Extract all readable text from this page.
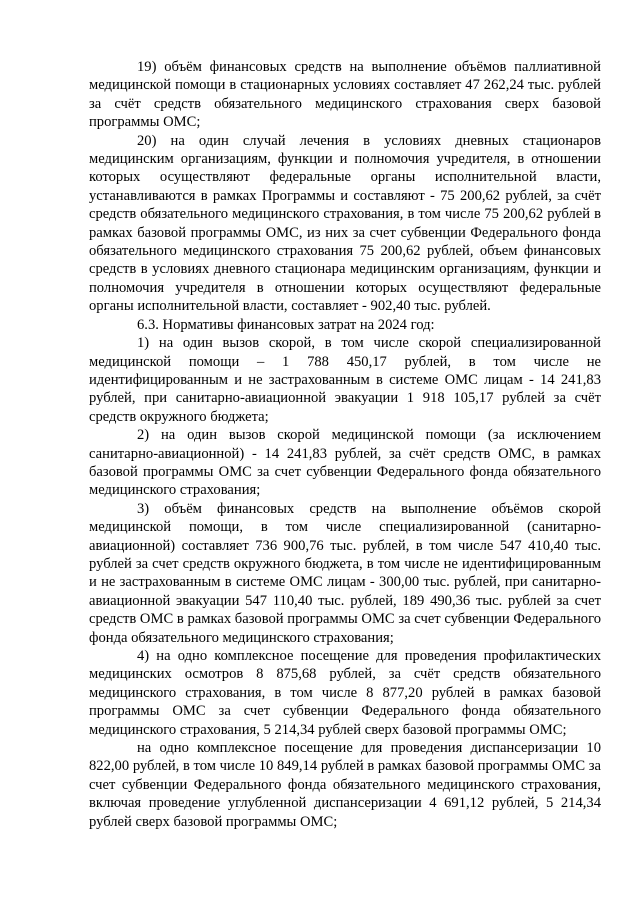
19) объём финансовых средств на выполнение объёмов паллиативной медицинской помощи в стационарных условиях составляет 47 262,24 тыс. рублей за счёт средств обязательного медицинского страхования сверх базовой программы ОМС;

20) на один случай лечения в условиях дневных стационаров медицинским организациям, функции и полномочия учредителя, в отношении которых осуществляют федеральные органы исполнительной власти, устанавливаются в рамках Программы и составляют - 75 200,62 рублей, за счёт средств обязательного медицинского страхования, в том числе 75 200,62 рублей в рамках базовой программы ОМС, из них за счет субвенции Федерального фонда обязательного медицинского страхования 75 200,62 рублей, объем финансовых средств в условиях дневного стационара медицинским организациям, функции и полномочия учредителя в отношении которых осуществляют федеральные органы исполнительной власти, составляет - 902,40 тыс. рублей.

6.3. Нормативы финансовых затрат на 2024 год:

1) на один вызов скорой, в том числе скорой специализированной медицинской помощи – 1 788 450,17 рублей, в том числе не идентифицированным и не застрахованным в системе ОМС лицам - 14 241,83 рублей, при санитарно-авиационной эвакуации 1 918 105,17 рублей за счёт средств окружного бюджета;

2) на один вызов скорой медицинской помощи (за исключением санитарно-авиационной) - 14 241,83 рублей, за счёт средств ОМС, в рамках базовой программы ОМС за счет субвенции Федерального фонда обязательного медицинского страхования;

3) объём финансовых средств на выполнение объёмов скорой медицинской помощи, в том числе специализированной (санитарно-авиационной) составляет 736 900,76 тыс. рублей, в том числе 547 410,40 тыс. рублей за счет средств окружного бюджета, в том числе не идентифицированным и не застрахованным в системе ОМС лицам - 300,00 тыс. рублей, при санитарно-авиационной эвакуации 547 110,40 тыс. рублей, 189 490,36 тыс. рублей за счет средств ОМС в рамках базовой программы ОМС за счет субвенции Федерального фонда обязательного медицинского страхования;

4) на одно комплексное посещение для проведения профилактических медицинских осмотров 8 875,68 рублей, за счёт средств обязательного медицинского страхования, в том числе 8 877,20 рублей в рамках базовой программы ОМС за счет субвенции Федерального фонда обязательного медицинского страхования, 5 214,34 рублей сверх базовой программы ОМС;

на одно комплексное посещение для проведения диспансеризации 10 822,00 рублей, в том числе 10 849,14 рублей в рамках базовой программы ОМС за счет субвенции Федерального фонда обязательного медицинского страхования, включая проведение углубленной диспансеризации 4 691,12 рублей, 5 214,34 рублей сверх базовой программы ОМС;
